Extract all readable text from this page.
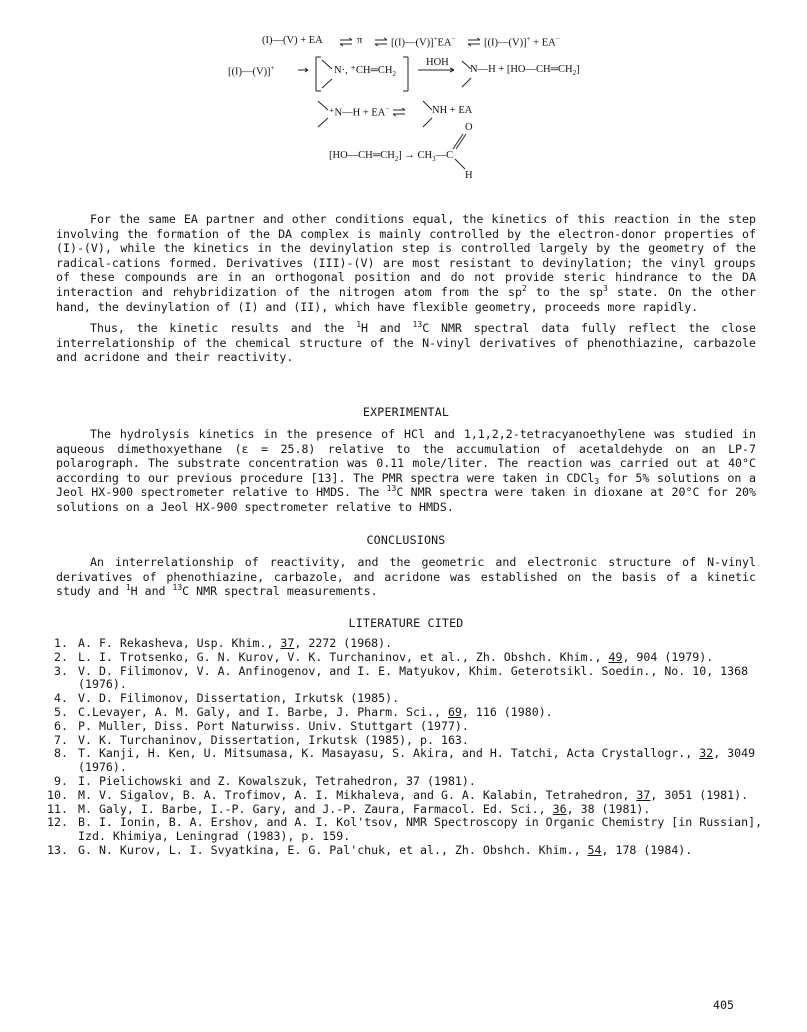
(I)—(V) + EA	π	[(I)—(V)]+EA−	[(I)—(V)]+ + EA−
[(I)—(V)]+	N·, $^+CH═CH_2$
HOH
N—H + $[HO—CH═CH_2]$
⁺N—H + EA−	NH + EA
O
$[HO—CH═CH_2]$ → $CH_3—C$
H

For the same EA partner and other conditions equal, the kinetics of this reaction in the step involving the formation of the DA complex is mainly controlled by the electron-donor properties of (I)-(V), while the kinetics in the devinylation step is controlled largely by the geometry of the radical-cations formed. Derivatives (III)-(V) are most resistant to devinylation; the vinyl groups of these compounds are in an orthogonal position and do not provide steric hindrance to the DA interaction and rehybridization of the nitrogen atom from the $sp^2$ to the $sp^3$ state. On the other hand, the devinylation of (I) and (II), which have flexible geometry, proceeds more rapidly.

Thus, the kinetic results and the $^1$H and $^{13}$C NMR spectral data fully reflect the close interrelationship of the chemical structure of the N-vinyl derivatives of phenothiazine, carbazole and acridone and their reactivity.

EXPERIMENTAL

The hydrolysis kinetics in the presence of HCl and 1,1,2,2-tetracyanoethylene was studied in aqueous dimethoxyethane (ε = 25.8) relative to the accumulation of acetaldehyde on an LP-7 polarograph. The substrate concentration was 0.11 mole/liter. The reaction was carried out at 40°C according to our previous procedure [13]. The PMR spectra were taken in CDCl$_3$ for 5% solutions on a Jeol HX-900 spectrometer relative to HMDS. The $^{13}$C NMR spectra were taken in dioxane at 20°C for 20% solutions on a Jeol HX-900 spectrometer relative to HMDS.

CONCLUSIONS

An interrelationship of reactivity, and the geometric and electronic structure of N-vinyl derivatives of phenothiazine, carbazole, and acridone was established on the basis of a kinetic study and $^1$H and $^{13}$C NMR spectral measurements.

LITERATURE CITED
1. A. F. Rekasheva, Usp. Khim., 37, 2272 (1968).
2. L. I. Trotsenko, G. N. Kurov, V. K. Turchaninov, et al., Zh. Obshch. Khim., 49, 904 (1979).
3. V. D. Filimonov, V. A. Anfinogenov, and I. E. Matyukov, Khim. Geterotsikl. Soedin., No. 10, 1368 (1976).
4. V. D. Filimonov, Dissertation, Irkutsk (1985).
5. C.Levayer, A. M. Galy, and I. Barbe, J. Pharm. Sci., 69, 116 (1980).
6. P. Muller, Diss. Port Naturwiss. Univ. Stuttgart (1977).
7. V. K. Turchaninov, Dissertation, Irkutsk (1985), p. 163.
8. T. Kanji, H. Ken, U. Mitsumasa, K. Masayasu, S. Akira, and H. Tatchi, Acta Crystallogr., 32, 3049 (1976).
9. I. Pielichowski and Z. Kowalszuk, Tetrahedron, 37 (1981).
10. M. V. Sigalov, B. A. Trofimov, A. I. Mikhaleva, and G. A. Kalabin, Tetrahedron, 37, 3051 (1981).
11. M. Galy, I. Barbe, I.-P. Gary, and J.-P. Zaura, Farmacol. Ed. Sci., 36, 38 (1981).
12. B. I. Ionin, B. A. Ershov, and A. I. Kol'tsov, NMR Spectroscopy in Organic Chemistry [in Russian], Izd. Khimiya, Leningrad (1983), p. 159.
13. G. N. Kurov, L. I. Svyatkina, E. G. Pal'chuk, et al., Zh. Obshch. Khim., 54, 178 (1984).
405
